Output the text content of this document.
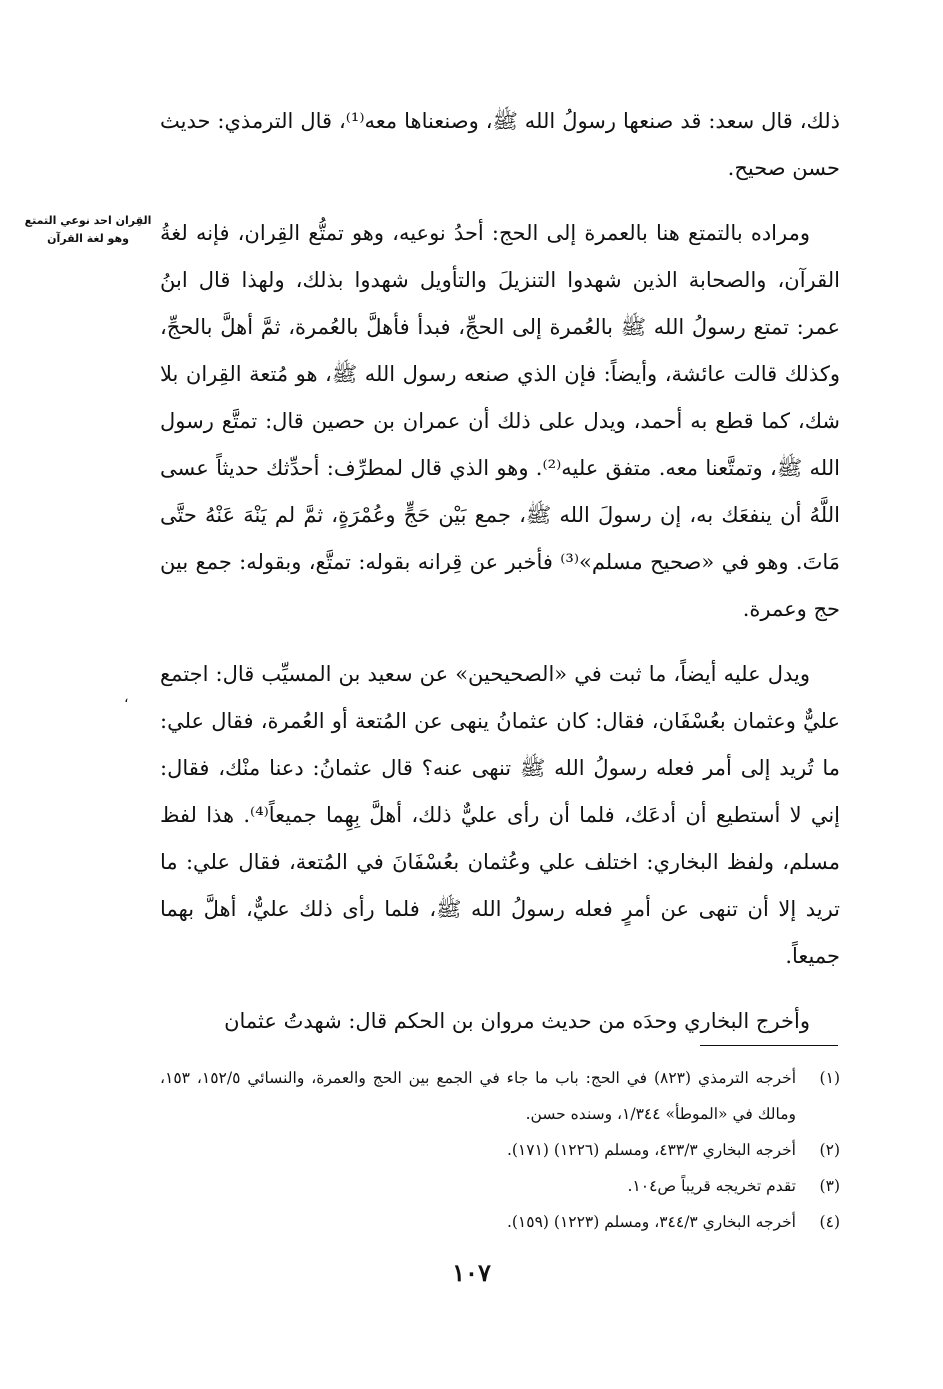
القِران احد نوعي التمتع وهو لغة القرآن
،

ذلك، قال سعد: قد صنعها رسولُ الله ﷺ، وصنعناها معه⁽¹⁾، قال الترمذي: حديث حسن صحيح.

ومراده بالتمتع هنا بالعمرة إلى الحج: أحدُ نوعيه، وهو تمتُّع القِران، فإنه لغةُ القرآن، والصحابة الذين شهدوا التنزيلَ والتأويل شهدوا بذلك، ولهذا قال ابنُ عمر: تمتع رسولُ الله ﷺ بالعُمرة إلى الحجِّ، فبدأ فأهلَّ بالعُمرة، ثمَّ أهلَّ بالحجِّ، وكذلك قالت عائشة، وأيضاً: فإن الذي صنعه رسول الله ﷺ، هو مُتعة القِران بلا شك، كما قطع به أحمد، ويدل على ذلك أن عمران بن حصين قال: تمتَّع رسول الله ﷺ، وتمتَّعنا معه. متفق عليه⁽²⁾. وهو الذي قال لمطرِّف: أحدِّثك حديثاً عسى اللَّهُ أن ينفعَك به، إن رسولَ الله ﷺ، جمع بَيْن حَجٍّ وعُمْرَةٍ، ثمَّ لم يَنْهَ عَنْهُ حتَّى مَاتَ. وهو في «صحيح مسلم»⁽³⁾ فأخبر عن قِرانه بقوله: تمتَّع، وبقوله: جمع بين حج وعمرة.

ويدل عليه أيضاً، ما ثبت في «الصحيحين» عن سعيد بن المسيِّب قال: اجتمع عليٌّ وعثمان بعُسْفَان، فقال: كان عثمانُ ينهى عن المُتعة أو العُمرة، فقال علي: ما تُريد إلى أمر فعله رسولُ الله ﷺ تنهى عنه؟ قال عثمانُ: دعنا منْك، فقال: إني لا أستطيع أن أدعَك، فلما أن رأى عليٌّ ذلك، أهلَّ بِهِما جميعاً⁽⁴⁾. هذا لفظ مسلم، ولفظ البخاري: اختلف علي وعُثمان بعُسْفَانَ في المُتعة، فقال علي: ما تريد إلا أن تنهى عن أمرٍ فعله رسولُ الله ﷺ، فلما رأى ذلك عليٌّ، أهلَّ بهما جميعاً.

وأخرج البخاري وحدَه من حديث مروان بن الحكم قال: شهدتُ عثمان

(١)
أخرجه الترمذي (٨٢٣) في الحج: باب ما جاء في الجمع بين الحج والعمرة، والنسائي ١٥٢/٥، ١٥٣، ومالك في «الموطأ» ١/٣٤٤، وسنده حسن.
(٢)
أخرجه البخاري ٤٣٣/٣، ومسلم (١٢٢٦) (١٧١).
(٣)
تقدم تخريجه قريباً ص١٠٤.
(٤)
أخرجه البخاري ٣٤٤/٣، ومسلم (١٢٢٣) (١٥٩).
١٠٧
